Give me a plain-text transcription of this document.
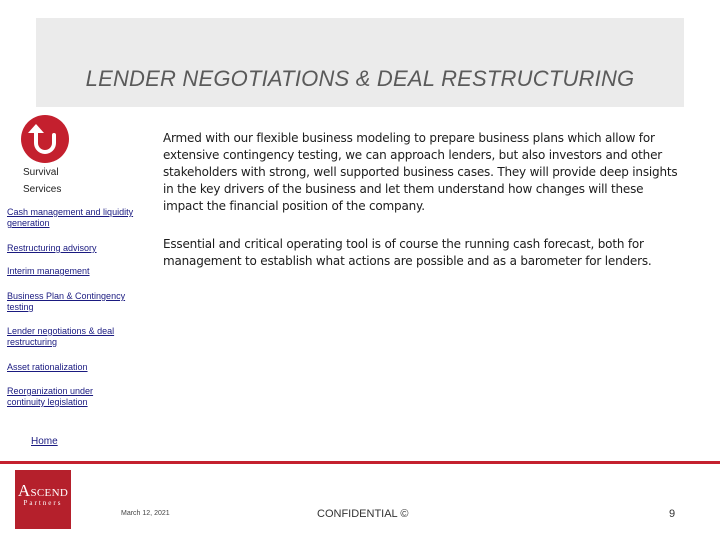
LENDER NEGOTIATIONS & DEAL RESTRUCTURING
Survival
Services
Cash management and liquidity generation
Restructuring advisory
Interim management
Business Plan & Contingency testing
Lender negotiations & deal restructuring
Asset rationalization
Reorganization under continuity legislation
Armed with our flexible business modeling to prepare business plans which allow for extensive contingency testing, we can approach lenders, but also investors and other stakeholders with strong, well supported business cases. They will provide deep insights in the key drivers of the business and let them understand how changes will these impact the financial position of the company.
Essential and critical operating tool is of course the running cash forecast, both for management to establish what actions are possible and as a barometer for lenders.
Home
ASCEND
Partners
March 12, 2021	CONFIDENTIAL ©	9
